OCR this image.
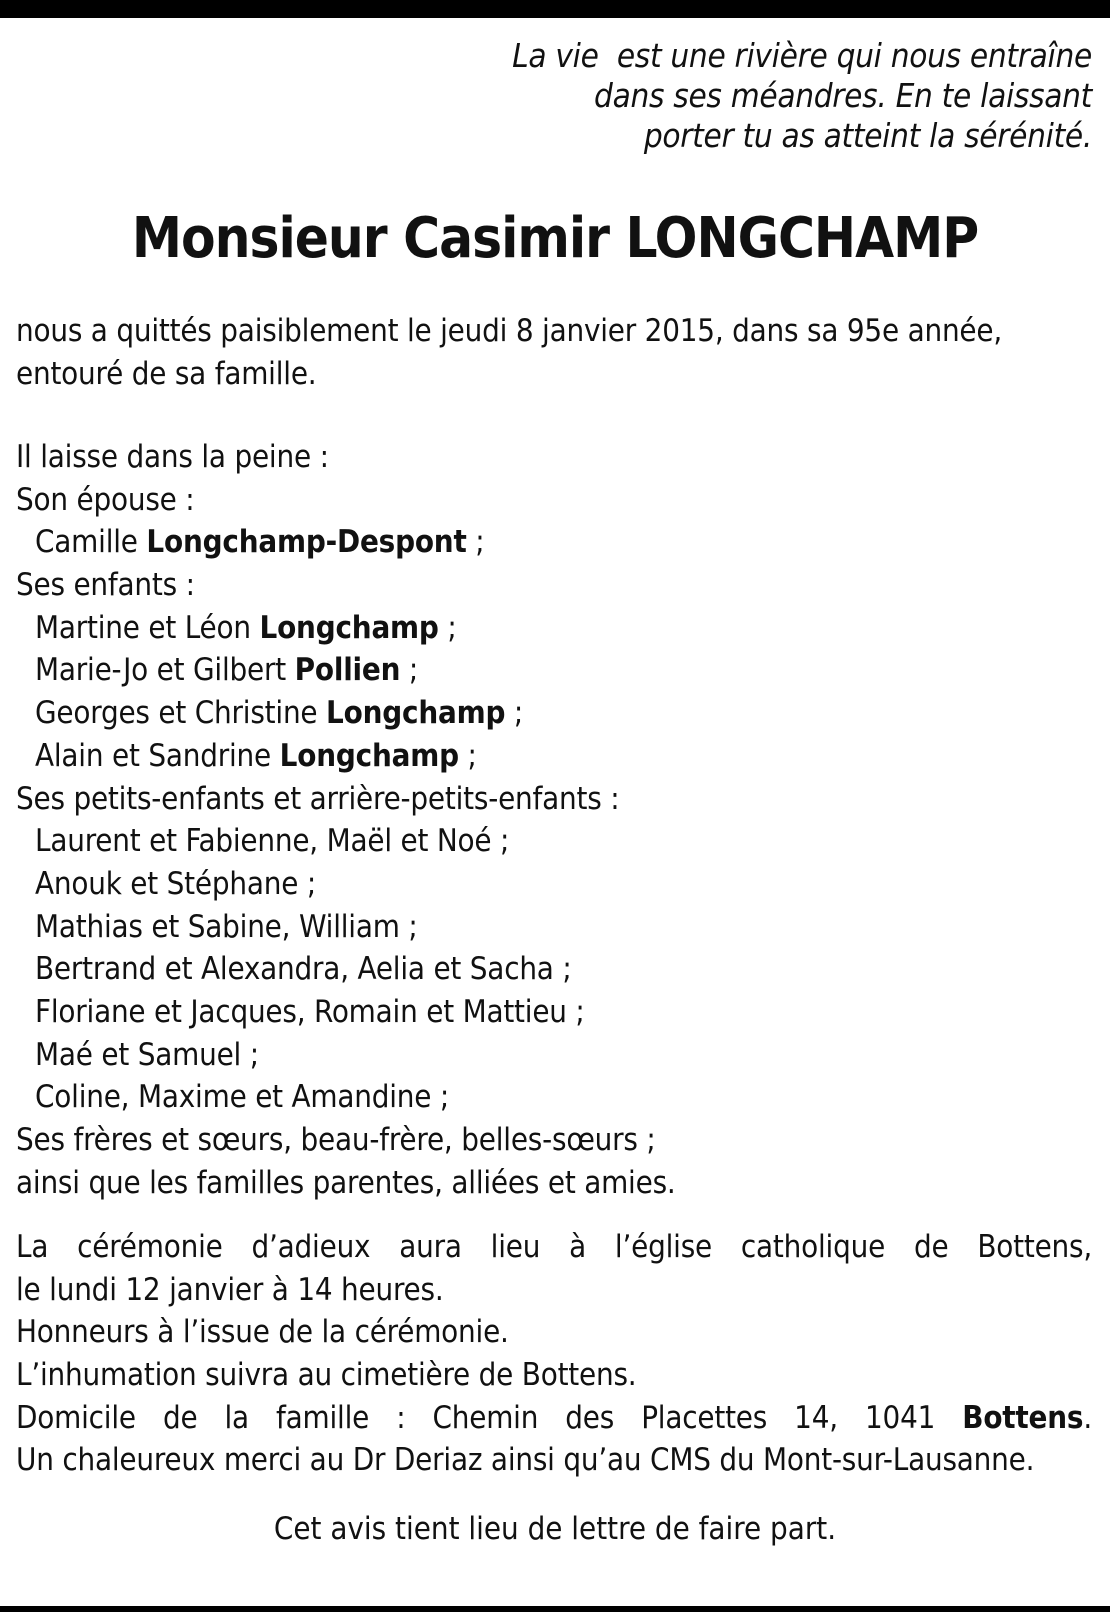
La vie  est une rivière qui nous entraîne
dans ses méandres. En te laissant
porter tu as atteint la sérénité.
Monsieur Casimir LONGCHAMP
nous a quittés paisiblement le jeudi 8 janvier 2015, dans sa 95e année,
entouré de sa famille.
Il laisse dans la peine :
Son épouse :
Camille Longchamp-Despont ;
Ses enfants :
Martine et Léon Longchamp ;
Marie-Jo et Gilbert Pollien ;
Georges et Christine Longchamp ;
Alain et Sandrine Longchamp ;
Ses petits-enfants et arrière-petits-enfants :
Laurent et Fabienne, Maël et Noé ;
Anouk et Stéphane ;
Mathias et Sabine, William ;
Bertrand et Alexandra, Aelia et Sacha ;
Floriane et Jacques, Romain et Mattieu ;
Maé et Samuel ;
Coline, Maxime et Amandine ;
Ses frères et sœurs, beau-frère, belles-sœurs ;
ainsi que les familles parentes, alliées et amies.
La cérémonie d’adieux aura lieu à l’église catholique de Bottens,
le lundi 12 janvier à 14 heures.
Honneurs à l’issue de la cérémonie.
L’inhumation suivra au cimetière de Bottens.
Domicile de la famille : Chemin des Placettes 14, 1041 Bottens.
Un chaleureux merci au Dr Deriaz ainsi qu’au CMS du Mont-sur-Lausanne.
Cet avis tient lieu de lettre de faire part.
